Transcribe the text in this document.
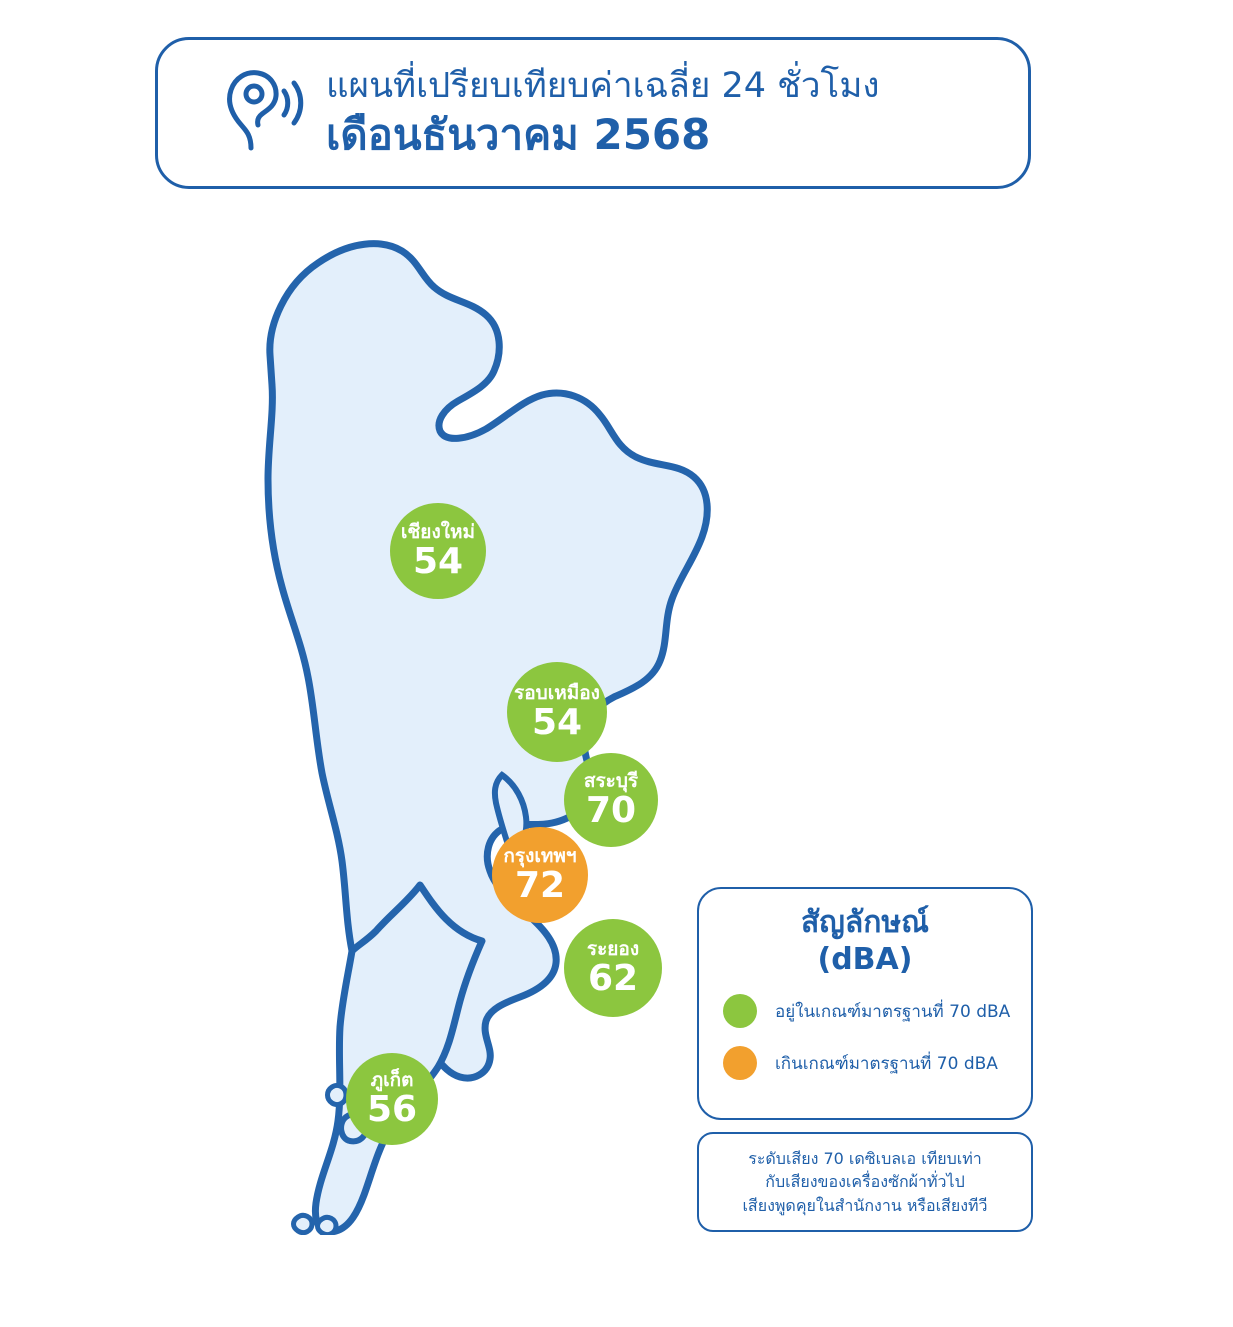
แผนที่เปรียบเทียบค่าเฉลี่ย 24 ชั่วโมง
เดือนธันวาคม 2568
เชียงใหม่
54
รอบเหมือง
54
สระบุรี
70
กรุงเทพฯ
72
ระยอง
62
ภูเก็ต
56
สัญลักษณ์
(dBA)
อยู่ในเกณฑ์มาตรฐานที่ 70 dBA
เกินเกณฑ์มาตรฐานที่ 70 dBA
ระดับเสียง 70 เดซิเบลเอ เทียบเท่า
กับเสียงของเครื่องซักผ้าทั่วไป
เสียงพูดคุยในสำนักงาน หรือเสียงทีวี
